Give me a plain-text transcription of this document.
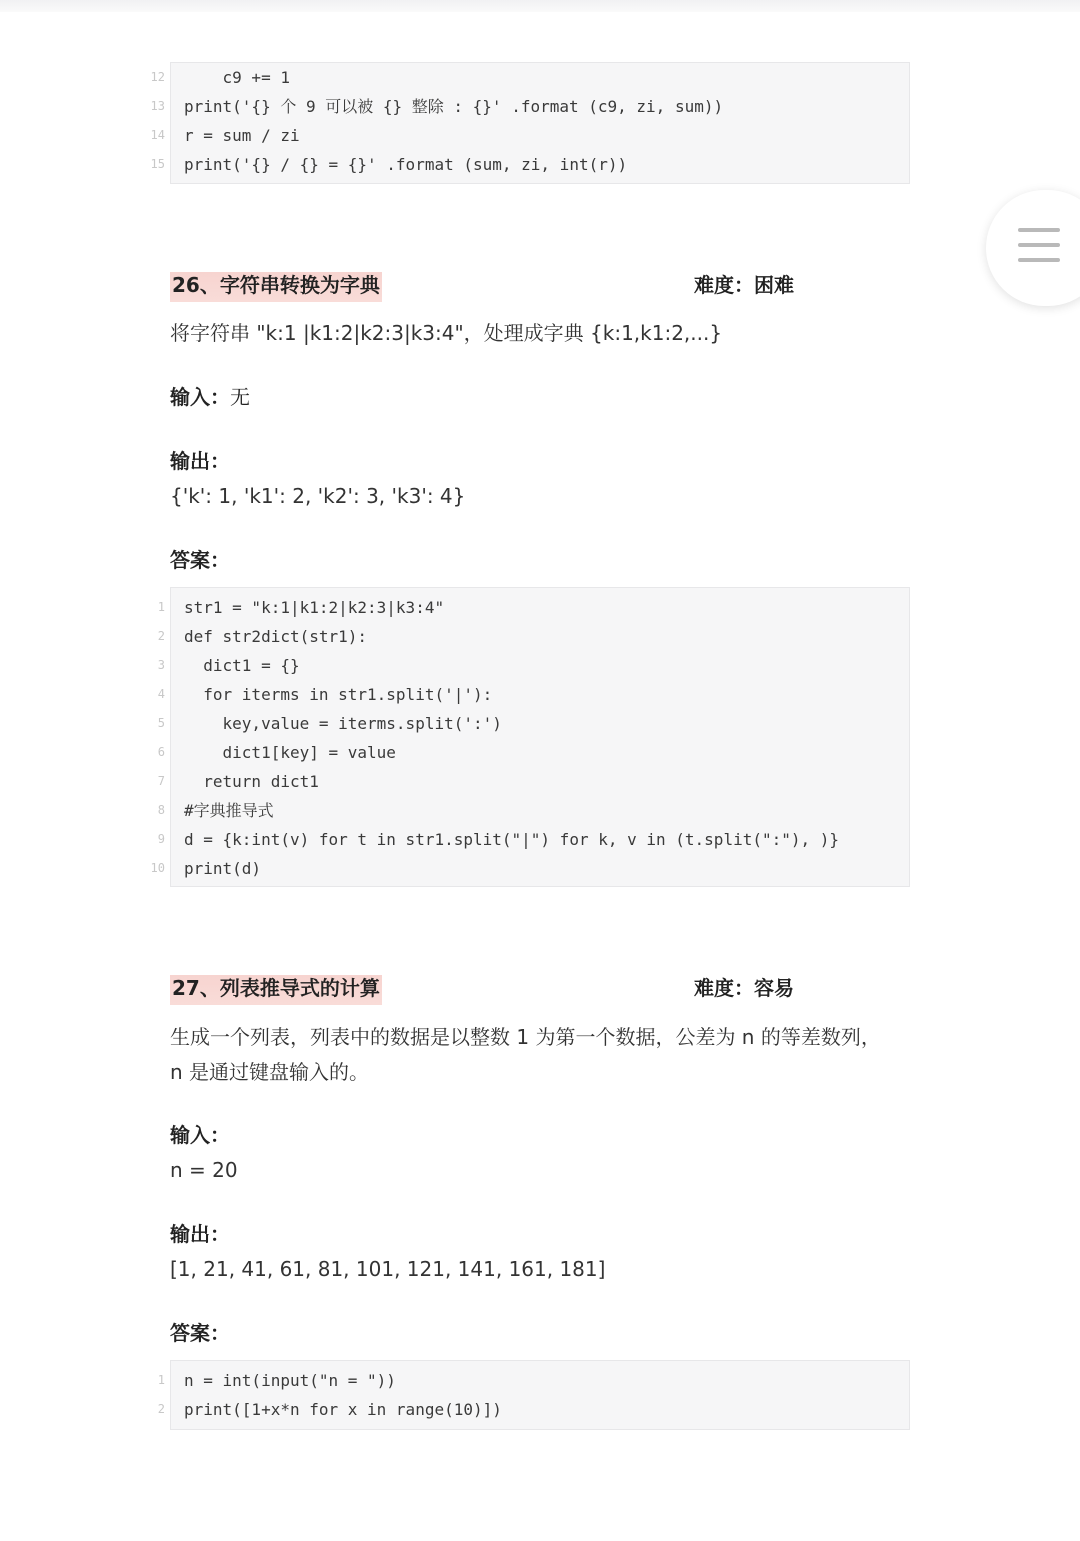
12 c9 += 1
13 print('{} 个 9 可以被 {} 整除 : {}' .format (c9, zi, sum))
14 r = sum / zi
15 print('{} / {} = {}' .format (sum, zi, int(r))
26、字符串转换为字典	难度：困难
将字符串 "k:1 |k1:2|k2:3|k3:4"，处理成字典 {k:1,k1:2,...}
输入：无
输出：
{'k': 1, 'k1': 2, 'k2': 3, 'k3': 4}
答案：
1 str1 = "k:1|k1:2|k2:3|k3:4"
2 def str2dict(str1):
3 dict1 = {}
4 for iterms in str1.split('|'):
5 key,value = iterms.split(':')
6 dict1[key] = value
7 return dict1
8 #字典推导式
9 d = {k:int(v) for t in str1.split("|") for k, v in (t.split(":"), )}
10 print(d)
27、列表推导式的计算	难度：容易
生成一个列表，列表中的数据是以整数 1 为第一个数据，公差为 n 的等差数列，
n 是通过键盘输入的。
输入：
n = 20
输出：
[1, 21, 41, 61, 81, 101, 121, 141, 161, 181]
答案：
1 n = int(input("n = "))
2 print([1+x*n for x in range(10)])
